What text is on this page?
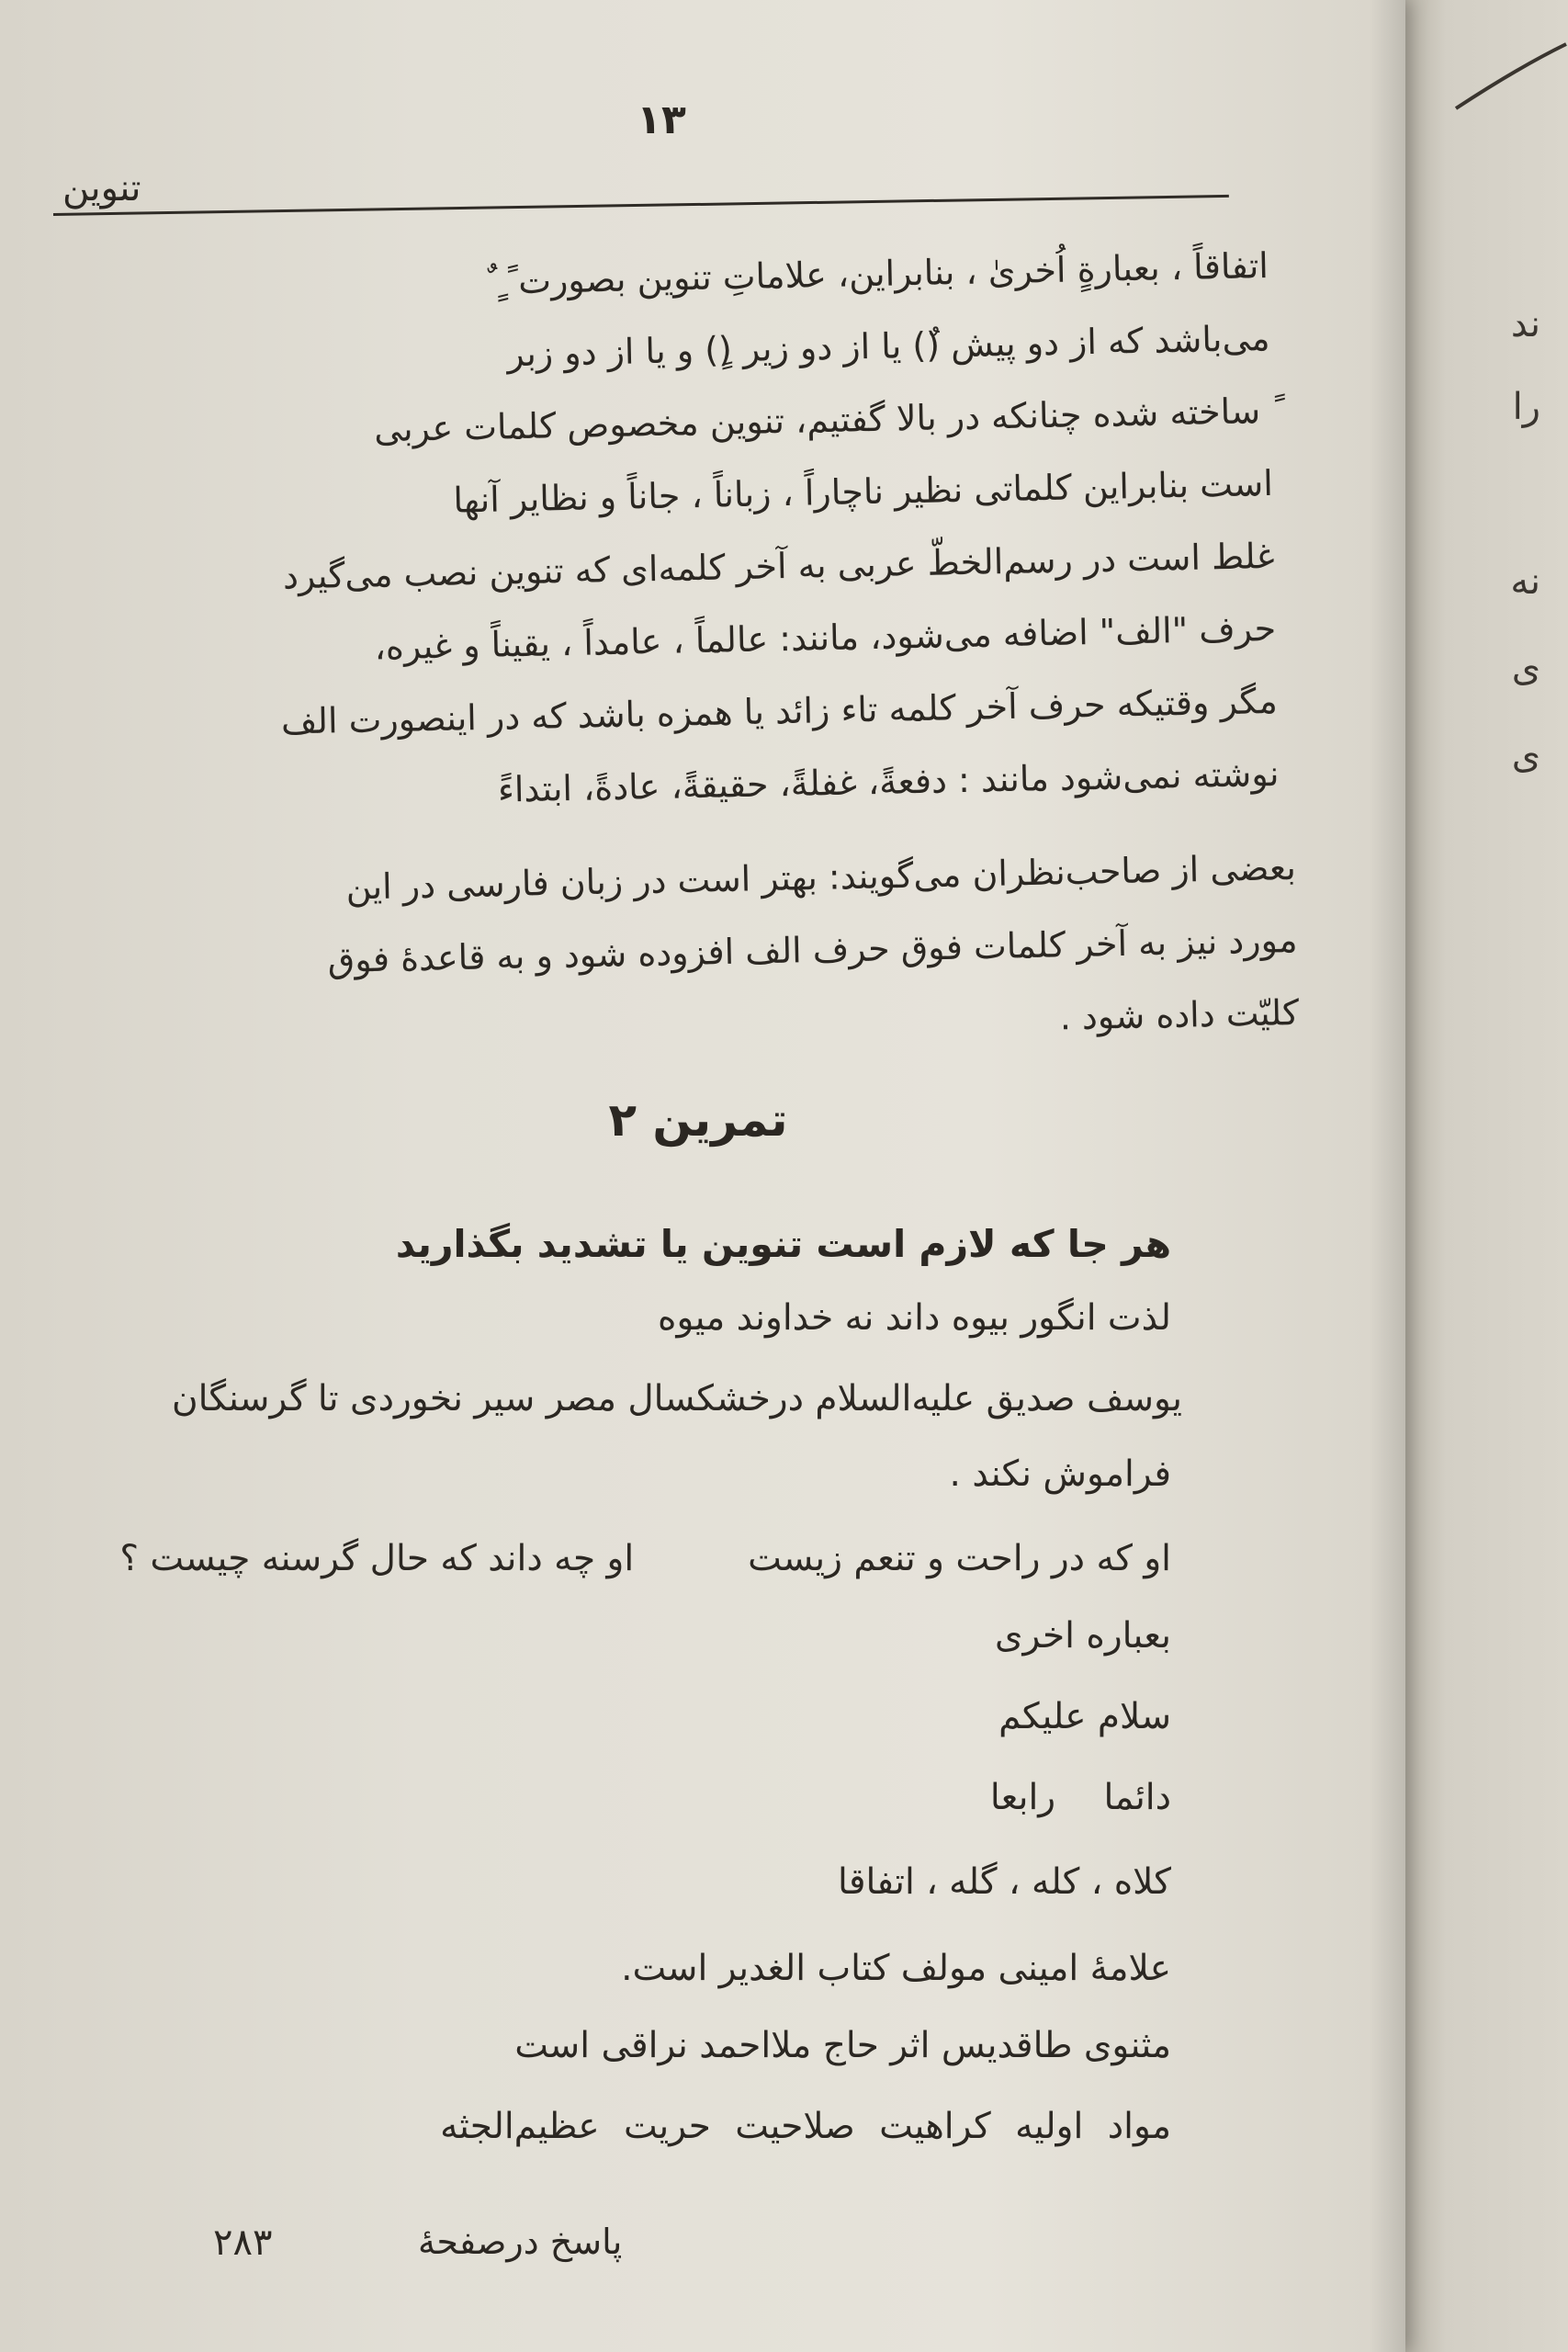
ند
را
نه
ی
ی
۱۳
تنوین

اتفاقاً ، بعبارةٍ اُخریٰ ، بنابراین، علاماتِ تنوین بصورت ً ٍ ٌ

می‌باشد که از دو پیش (ٌ) یا از دو زیر (ٍ) و یا از دو زبر

ً ساخته شده چنانکه در بالا گفتیم، تنوین مخصوص کلمات عربی

است بنابراین کلماتی نظیر ناچاراً ، زباناً ، جاناً و نظایر آنها

غلط است در رسم‌الخطّ عربی به آخر کلمه‌ای که تنوین نصب می‌گیرد

حرف "الف" اضافه می‌شود، مانند: عالماً ، عامداً ، یقیناً و غیره،

مگر وقتیکه حرف آخر کلمه تاء زائد یا همزه باشد که در اینصورت الف

نوشته نمی‌شود مانند : دفعةً، غفلةً، حقیقةً، عادةً، ابتداءً

بعضی از صاحب‌نظران می‌گویند: بهتر است در زبان فارسی در این

مورد نیز به آخر کلمات فوق حرف الف افزوده شود و به قاعدهٔ فوق

کلیّت داده شود .

تمرین ۲
هر جا که لازم است تنوین یا تشدید بگذارید
لذت انگور بیوه داند نه خداوند میوه
یوسف صدیق علیه‌السلام درخشکسال مصر سیر نخوردی تا گرسنگان
فراموش نکند .
او که در راحت و تنعم زیست          او چه داند که حال گرسنه چیست ؟
بعباره اخری
سلام علیکم
دائما رابعا
کلاه ، کله ، گله ، اتفاقا
علامهٔ امینی مولف کتاب الغدیر است.
مثنوی طاقدیس اثر حاج ملااحمد نراقی است
مواد اولیه کراهیت صلاحیت حریت عظیم‌الجثه
پاسخ درصفحهٔ
۲۸۳
